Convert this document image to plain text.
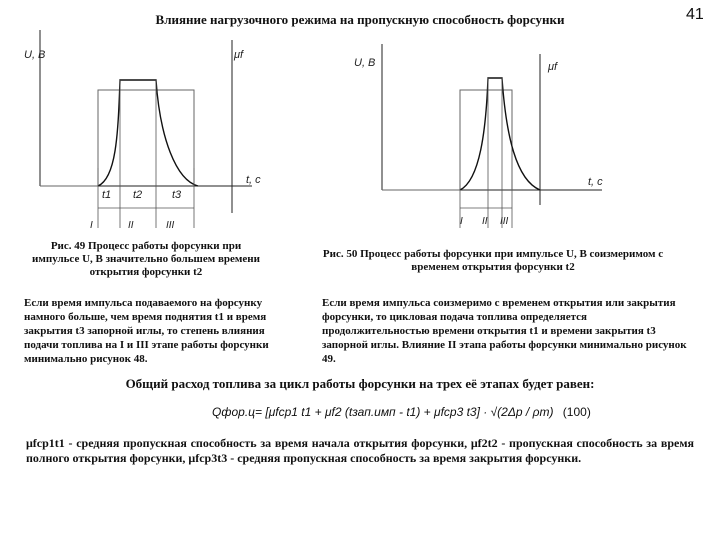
Влияние нагрузочного режима на пропускную способность форсунки	41
U, В	μf
t, c
t1 t2	t3
I	II	III
U, В	μf
t, c
I II III
Рис. 49 Процесс работы форсунки при импульсе U, В значительно большем времени открытия форсунки t2
Рис. 50 Процесс работы форсунки при импульсе U, В соизмеримом с временем открытия форсунки t2
Если время импульса подаваемого на форсунку намного больше, чем время поднятия t1 и время закрытия t3 запорной иглы, то степень влияния подачи топлива на I и III этапе работы форсунки минимально рисунок 48.
Если время импульса соизмеримо с временем открытия или закрытия форсунки, то цикловая подача топлива определяется продолжительностью времени открытия t1 и времени закрытия t3 запорной иглы. Влияние II этапа работы форсунки минимально рисунок 49.
Общий расход топлива за цикл работы форсунки на трех её этапах будет равен:
Qфор.ц= [μfср1 t1 + μf2 (tзап.имп - t1) + μfср3 t3] · √(2Δp / ρт) (100)
μfср1t1 - средняя пропускная способность за время начала открытия форсунки, μf2t2 - пропускная способность за время полного открытия форсунки, μfср3t3 - средняя пропускная способность за время закрытия форсунки.
